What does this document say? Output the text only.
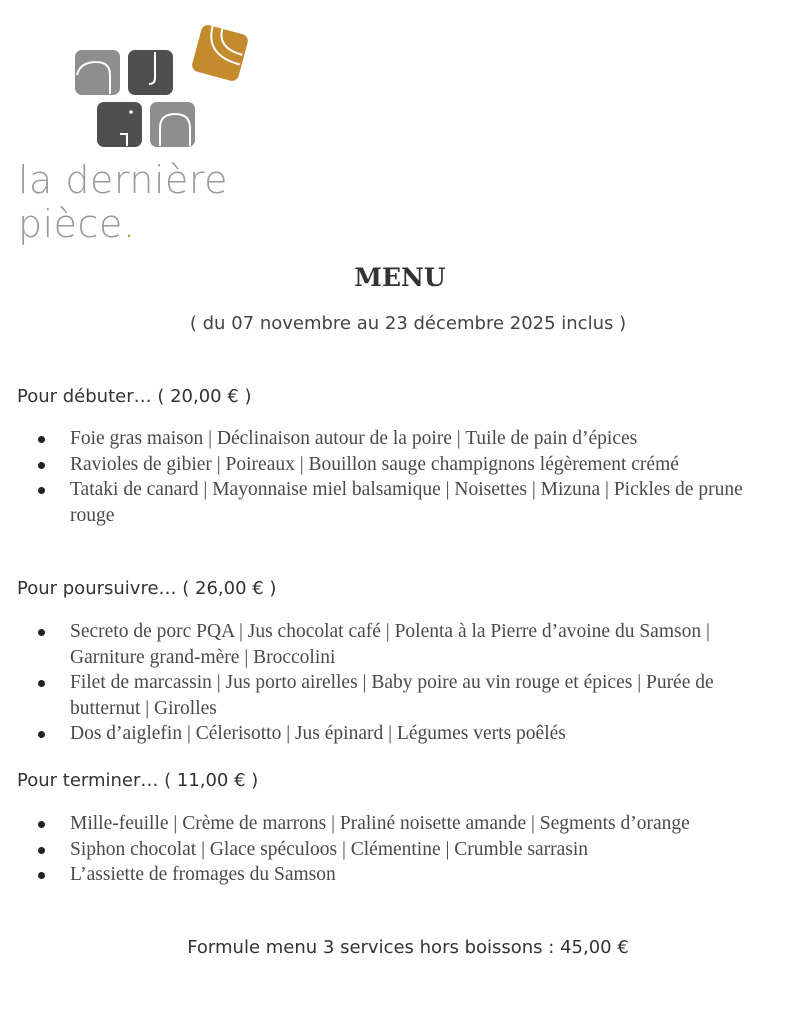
la dernière pièce.
MENU
( du 07 novembre au 23 décembre 2025 inclus )
Pour débuter… ( 20,00 € )
Foie gras maison | Déclinaison autour de la poire | Tuile de pain d’épices
Ravioles de gibier | Poireaux | Bouillon sauge champignons légèrement crémé
Tataki de canard | Mayonnaise miel balsamique | Noisettes | Mizuna | Pickles de prune rouge
Pour poursuivre… ( 26,00 € )
Secreto de porc PQA | Jus chocolat café | Polenta à la Pierre d’avoine du Samson | Garniture grand-mère | Broccolini
Filet de marcassin | Jus porto airelles | Baby poire au vin rouge et épices | Purée de butternut | Girolles
Dos d’aiglefin | Célerisotto | Jus épinard | Légumes verts poêlés
Pour terminer… ( 11,00 € )
Mille-feuille | Crème de marrons | Praliné noisette amande | Segments d’orange
Siphon chocolat | Glace spéculoos | Clémentine | Crumble sarrasin
L’assiette de fromages du Samson
Formule menu 3 services hors boissons : 45,00 €
